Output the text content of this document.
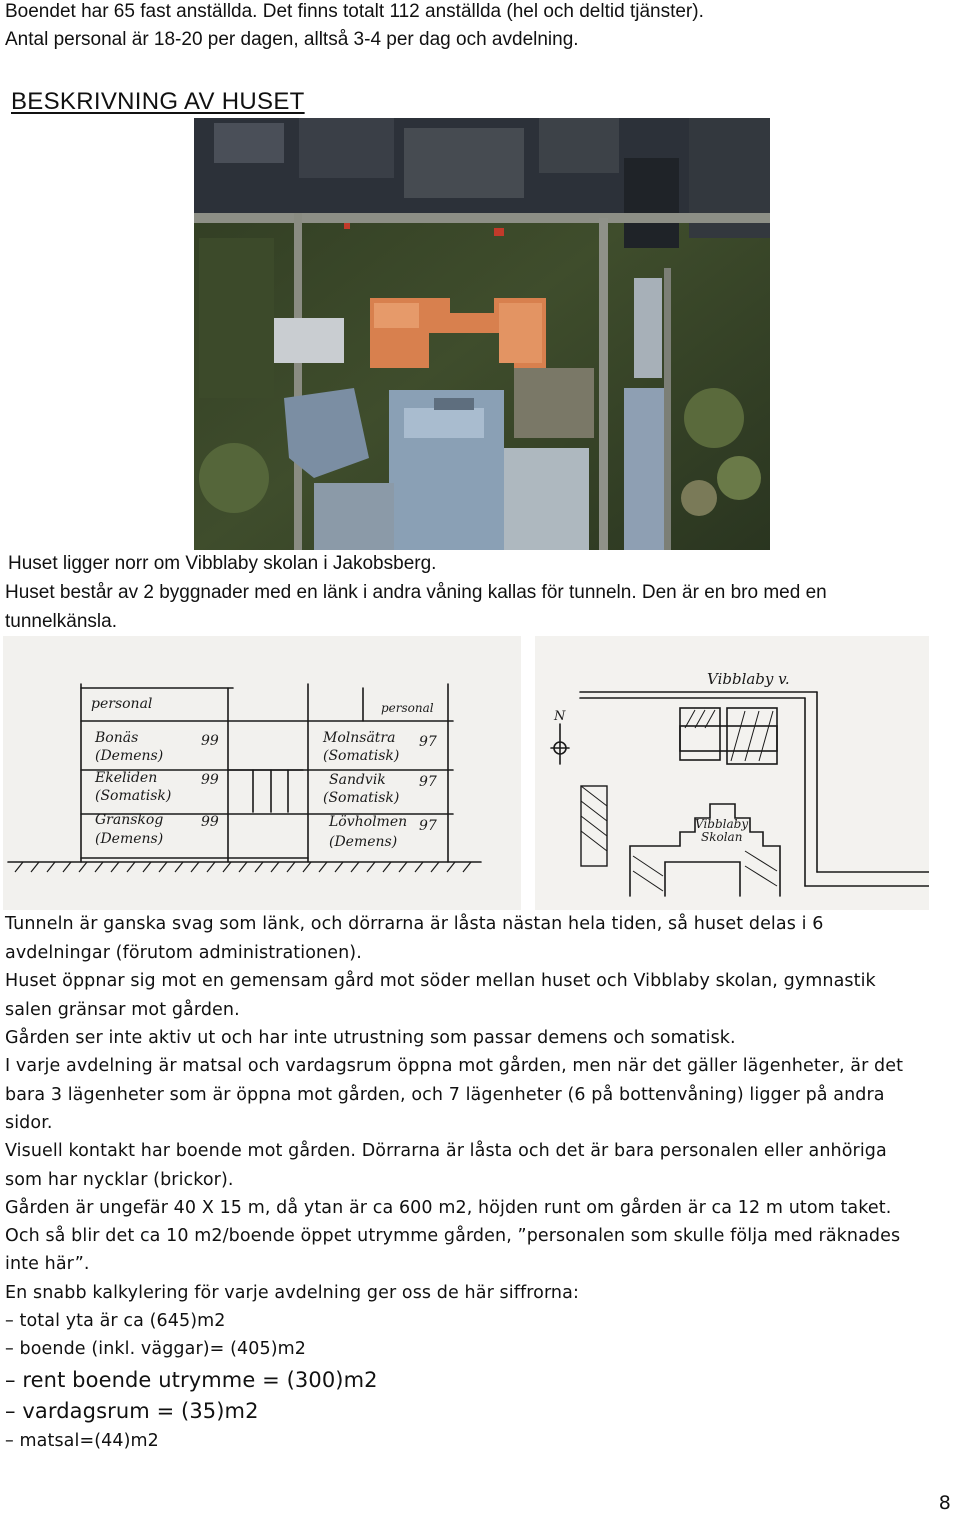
Boendet har 65 fast anställda. Det finns totalt 112 anställda (hel och deltid tjänster).
Antal personal är 18-20 per dagen, alltså 3-4 per dag och avdelning.
BESKRIVNING AV HUSET
Huset ligger norr om Vibblaby skolan i Jakobsberg.
Huset består av 2 byggnader med en länk i andra våning kallas för tunneln. Den är en bro med en
tunnelkänsla.
personal	personal
Bonäs
(Demens)
99
Ekeliden
(Somatisk)
99
Granskog
(Demens)
99
Molnsätra
(Somatisk)
97
Sandvik
(Somatisk)
97
Lövholmen
(Demens)
97
Vibblaby v.
N
Vibblaby
Skolan
Tunneln är ganska svag som länk, och dörrarna är låsta nästan hela tiden, så huset delas i 6
avdelningar (förutom administrationen).
Huset öppnar sig mot en gemensam gård mot söder mellan huset och Vibblaby skolan, gymnastik
salen gränsar mot gården.
Gården ser inte aktiv ut och har inte utrustning som passar demens och somatisk.
I varje avdelning är matsal och vardagsrum öppna mot gården, men när det gäller lägenheter, är det
bara 3 lägenheter som är öppna mot gården, och 7 lägenheter (6 på bottenvåning) ligger på andra
sidor.
Visuell kontakt har boende mot gården. Dörrarna är låsta och det är bara personalen eller anhöriga
som har nycklar (brickor).
Gården är ungefär 40 X 15 m, då ytan är ca 600 m2, höjden runt om gården är ca 12 m utom taket.
Och så blir det ca 10 m2/boende öppet utrymme gården, ”personalen som skulle följa med räknades
inte här”.
En snabb kalkylering för varje avdelning ger oss de här siffrorna:
– total yta är ca (645)m2
– boende (inkl. väggar)= (405)m2
– rent boende utrymme = (300)m2
– vardagsrum = (35)m2
– matsal=(44)m2
8
